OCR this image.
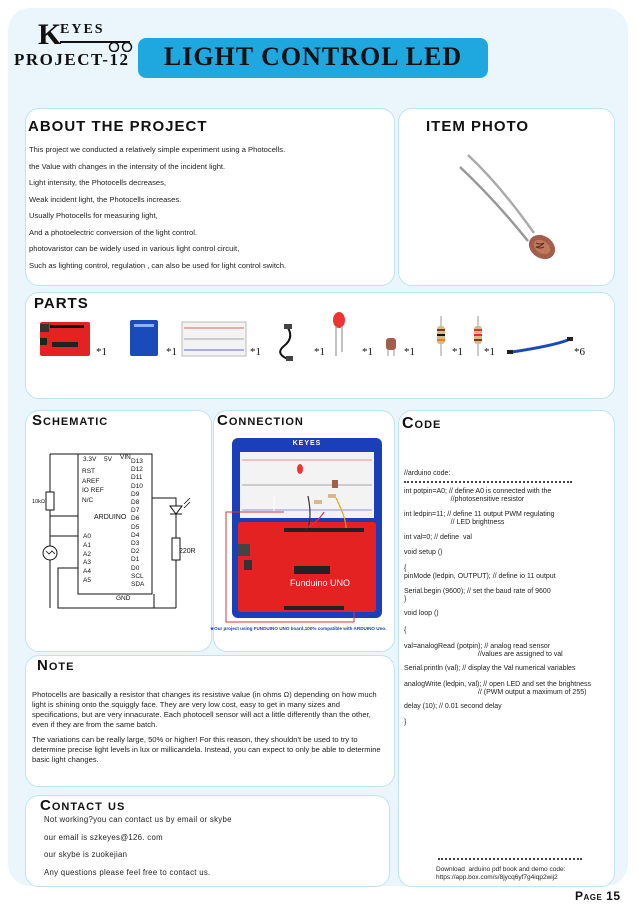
K
EYES
PROJECT-12	LIGHT CONTROL LED
ABOUT THE PROJECT
This project we conducted a relatively simple experiment using a Photocells.
the Value with changes in the intensity of the incident light.
Light intensity, the Photocells decreases,
Weak incident light, the Photocells increases.
Usually Photocells for measuring light,
And a photoelectric conversion of the light control.
photovaristor can be widely used in various light control circuit,
Such as lighting control, regulation , can also be used for light control switch.
ITEM PHOTO
PARTS
*1	*1	*1	*1	*1	*1	*1 *1	*6
Schematic
10kΩ
220R
ARDUINO
3.3V 5V VIN
RST
AREF
IO REF
N/C
A0
A1
A2
A3
A4
A5
D13
D12
D11
D10
D9
D8
D7
D6
D5
D4
D3
D2
D1
D0
SCL
SDA
GND
Connection
KEYES
Funduino UNO
★Our project using FUNDUINO UNO board,100% compatible with ARDUINO Uno.
Code
//arduino code:
int potpin=A0; // define A0 is connected with the
//photosensitive resistor
int ledpin=11; // define 11 output PWM regulating
// LED brightness
int val=0; // define  val
void setup ()
{
pinMode (ledpin, OUTPUT); // define io 11 output
Serial.begin (9600); // set the baud rate of 9600
}
void loop ()
{
val=analogRead (potpin); // analog read sensor
//values are assigned to val
Serial.println (val); // display the Val numerical variables
analogWrite (ledpin, val); // open LED and set the brightness
// (PWM output a maximum of 255)
delay (10); // 0.01 second delay
}
Download  arduino pdf book and demo code:
https://app.box.com/s/8jycq6yf7g4iqp2wij2
Note
Photocells are basically a resistor that changes its resistive value (in ohms Ω) depending on how much light is shining onto the squiggly face. They are very low cost, easy to get in many sizes and specifications, but are very innacurate. Each photocell sensor will act a little differently than the other, even if they are from the same batch.
The variations can be really large, 50% or higher! For this reason, they shouldn't be used to try to determine precise light levels in lux or millicandela. Instead, you can expect to only be able to determine basic light changes.
Contact us
Not working?you can contact us by email or skybe
our email is szkeyes@126. com
our skybe is zuokejian
Any questions please feel free to contact us.
Page 15
